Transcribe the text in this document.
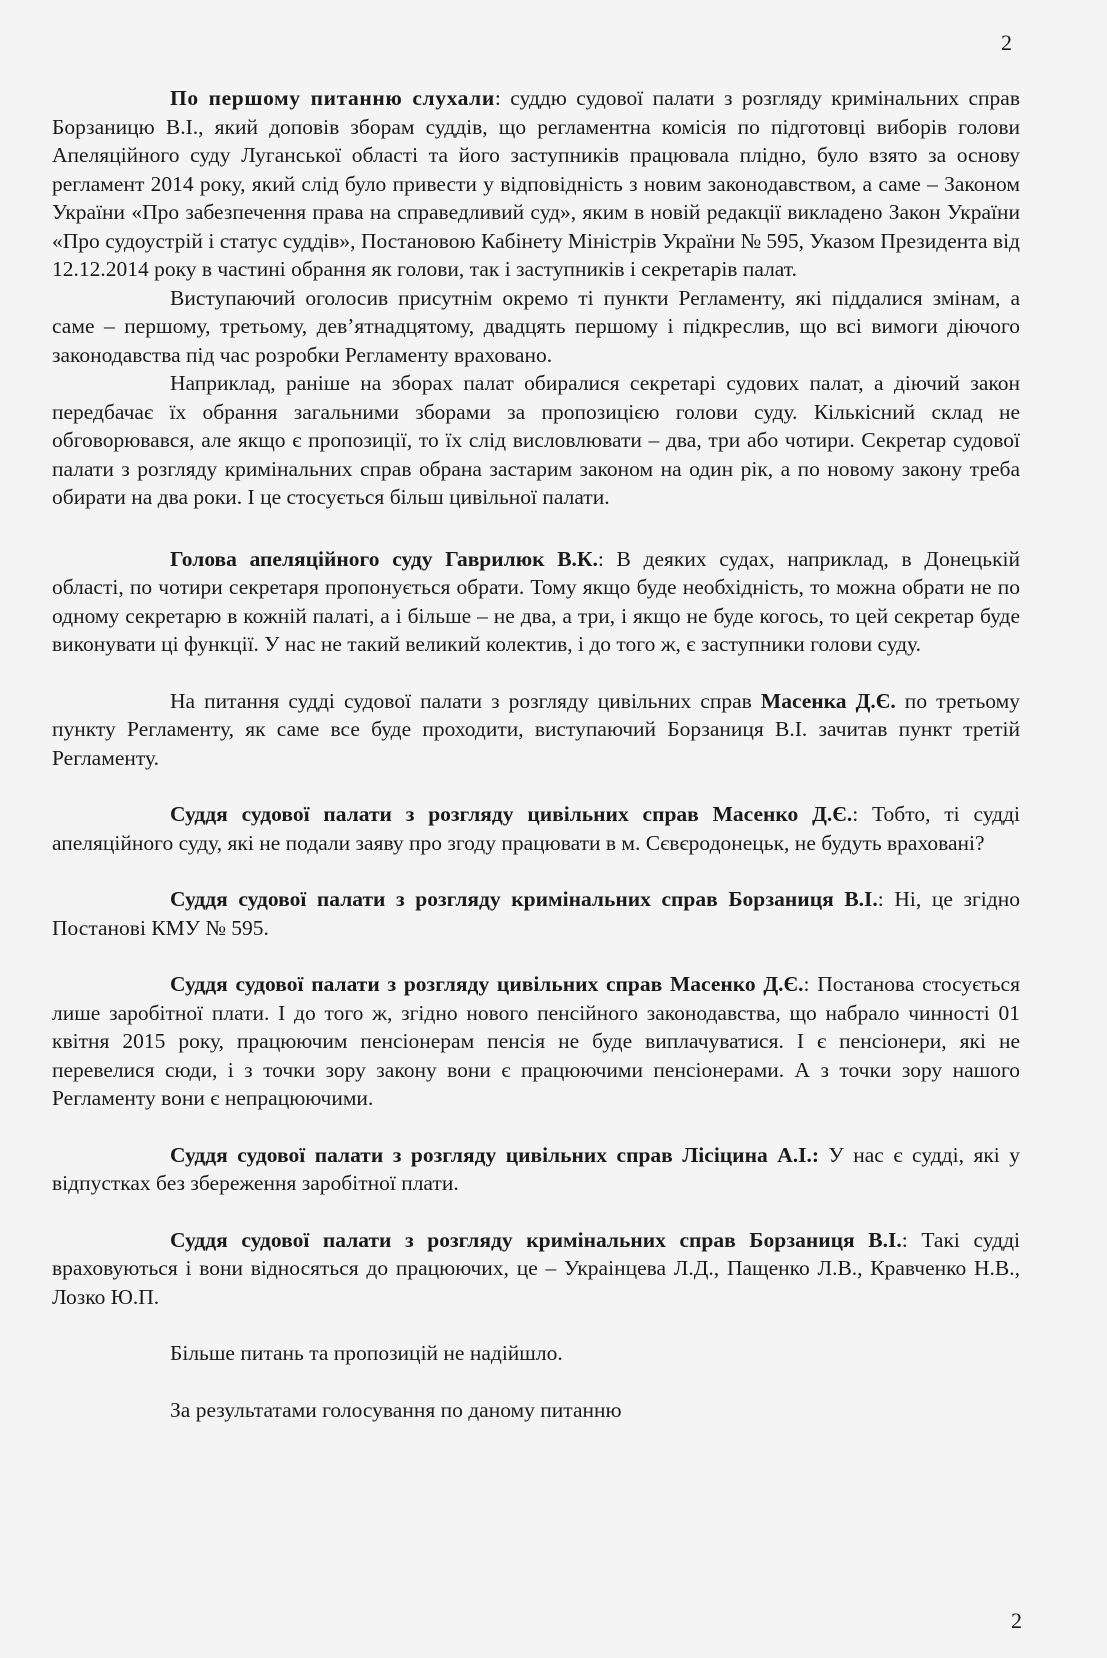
2

По першому питанню слухали: суддю судової палати з розгляду кримінальних справ Борзаницю В.І., який доповів зборам суддів, що регламентна комісія по підготовці виборів голови Апеляційного суду Луганської області та його заступників працювала плідно, було взято за основу регламент 2014 року, який слід було привести у відповідність з новим законодавством, а саме – Законом України «Про забезпечення права на справедливий суд», яким в новій редакції викладено Закон України «Про судоустрій і статус суддів», Постановою Кабінету Міністрів України № 595, Указом Президента від 12.12.2014 року в частині обрання як голови, так і заступників і секретарів палат.

Виступаючий оголосив присутнім окремо ті пункти Регламенту, які піддалися змінам, а саме – першому, третьому, дев’ятнадцятому, двадцять першому і підкреслив, що всі вимоги діючого законодавства під час розробки Регламенту враховано.

Наприклад, раніше на зборах палат обиралися секретарі судових палат, а діючий закон передбачає їх обрання загальними зборами за пропозицією голови суду. Кількісний склад не обговорювався, але якщо є пропозиції, то їх слід висловлювати – два, три або чотири. Секретар судової палати з розгляду кримінальних справ обрана застарим законом на один рік, а по новому закону треба обирати на два роки. І це стосується більш цивільної палати.

Голова апеляційного суду Гаврилюк В.К.: В деяких судах, наприклад, в Донецькій області, по чотири секретаря пропонується обрати. Тому якщо буде необхідність, то можна обрати не по одному секретарю в кожній палаті, а і більше – не два, а три, і якщо не буде когось, то цей секретар буде виконувати ці функції. У нас не такий великий колектив, і до того ж, є заступники голови суду.

На питання судді судової палати з розгляду цивільних справ Масенка Д.Є. по третьому пункту Регламенту, як саме все буде проходити, виступаючий Борзаниця В.І. зачитав пункт третій Регламенту.

Суддя судової палати з розгляду цивільних справ Масенко Д.Є.: Тобто, ті судді апеляційного суду, які не подали заяву про згоду працювати в м. Сєвєродонецьк, не будуть враховані?

Суддя судової палати з розгляду кримінальних справ Борзаниця В.І.: Ні, це згідно Постанові КМУ № 595.

Суддя судової палати з розгляду цивільних справ Масенко Д.Є.: Постанова стосується лише заробітної плати. І до того ж, згідно нового пенсійного законодавства, що набрало чинності 01 квітня 2015 року, працюючим пенсіонерам пенсія не буде виплачуватися. І є пенсіонери, які не перевелися сюди, і з точки зору закону вони є працюючими пенсіонерами. А з точки зору нашого Регламенту вони є непрацюючими.

Суддя судової палати з розгляду цивільних справ Лісіцина А.І.: У нас є судді, які у відпустках без збереження заробітної плати.

Суддя судової палати з розгляду кримінальних справ Борзаниця В.І.: Такі судді враховуються і вони відносяться до працюючих, це – Украінцева Л.Д., Пащенко Л.В., Кравченко Н.В., Лозко Ю.П.

Більше питань та пропозицій не надійшло.

За результатами голосування по даному питанню

2
